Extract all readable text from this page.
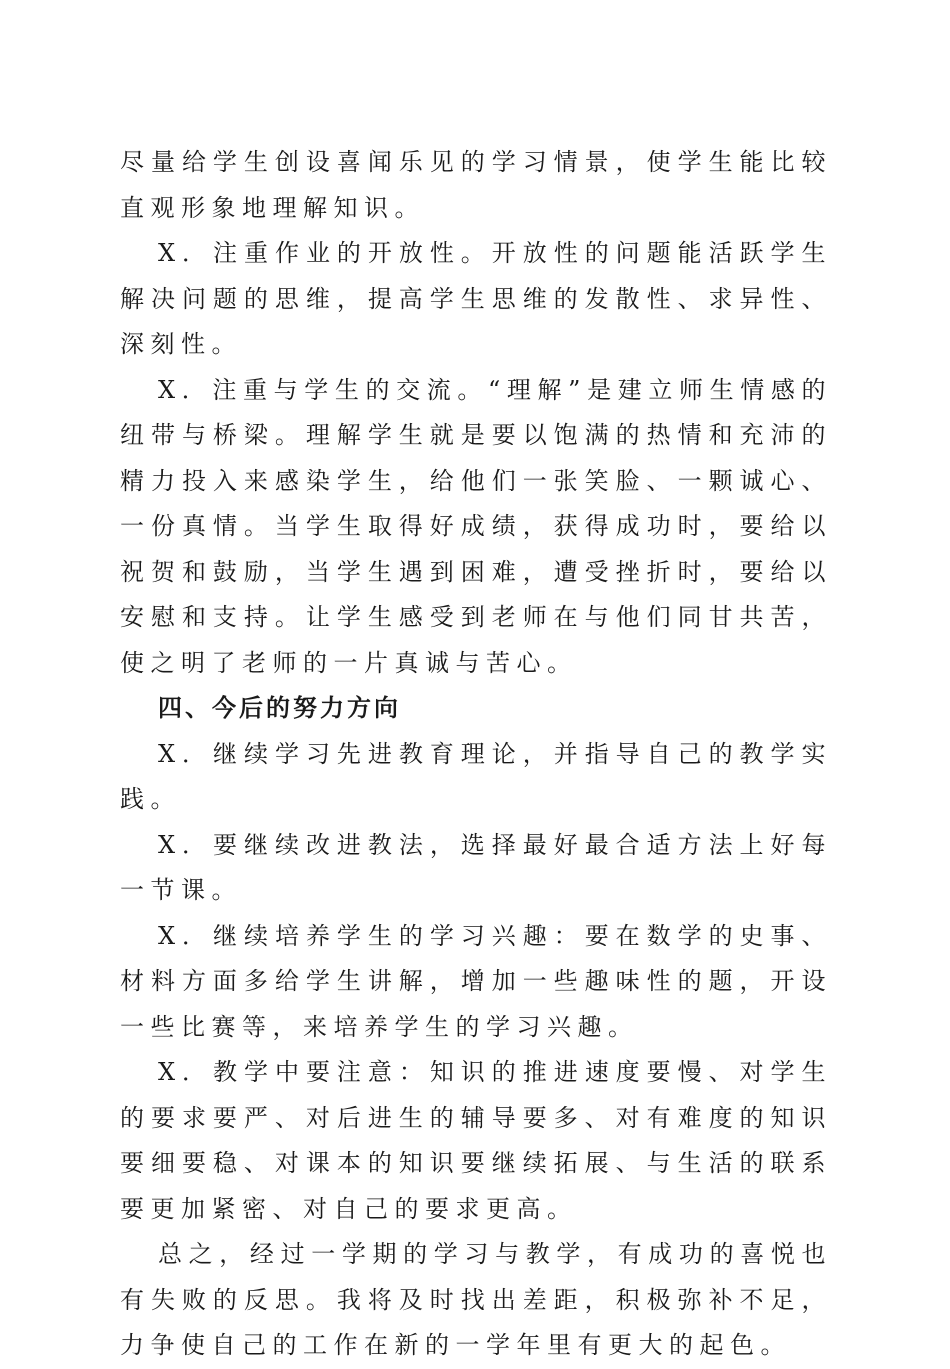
尽量给学生创设喜闻乐见的学习情景，使学生能比较直观形象地理解知识。

X．注重作业的开放性。开放性的问题能活跃学生解决问题的思维，提高学生思维的发散性、求异性、深刻性。

X．注重与学生的交流。“理解”是建立师生情感的纽带与桥梁。理解学生就是要以饱满的热情和充沛的精力投入来感染学生，给他们一张笑脸、一颗诚心、一份真情。当学生取得好成绩，获得成功时，要给以祝贺和鼓励，当学生遇到困难，遭受挫折时，要给以安慰和支持。让学生感受到老师在与他们同甘共苦，使之明了老师的一片真诚与苦心。

四、今后的努力方向

X．继续学习先进教育理论，并指导自己的教学实践。

X．要继续改进教法，选择最好最合适方法上好每一节课。

X．继续培养学生的学习兴趣：要在数学的史事、材料方面多给学生讲解，增加一些趣味性的题，开设一些比赛等，来培养学生的学习兴趣。

X．教学中要注意：知识的推进速度要慢、对学生的要求要严、对后进生的辅导要多、对有难度的知识要细要稳、对课本的知识要继续拓展、与生活的联系要更加紧密、对自己的要求更高。

总之，经过一学期的学习与教学，有成功的喜悦也有失败的反思。我将及时找出差距，积极弥补不足，力争使自己的工作在新的一学年里有更大的起色。
